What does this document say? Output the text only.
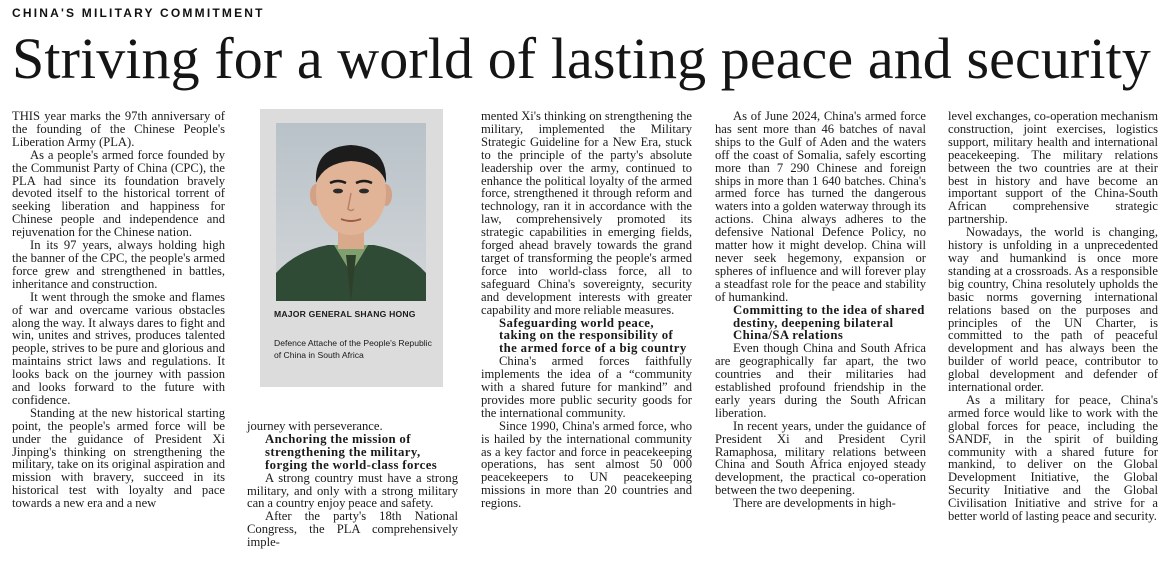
CHINA'S MILITARY COMMITMENT
Striving for a world of lasting peace and security

THIS year marks the 97th anniversary of the founding of the Chinese People's Liberation Army (PLA).

As a people's armed force founded by the Communist Party of China (CPC), the PLA had since its foundation bravely devoted itself to the historical torrent of seeking liberation and happiness for Chinese people and independence and rejuvenation for the Chinese nation.

In its 97 years, always holding high the banner of the CPC, the people's armed force grew and strengthened in battles, inheritance and construction.

It went through the smoke and flames of war and overcame various obstacles along the way. It always dares to fight and win, unites and strives, produces talented people, strives to be pure and glorious and maintains strict laws and regulations. It looks back on the journey with passion and looks forward to the future with confidence.

Standing at the new historical starting point, the people's armed force will be under the guidance of President Xi Jinping's thinking on strengthening the military, take on its original aspiration and mission with bravery, succeed in its historical test with loyalty and pace towards a new era and a new

MAJOR GENERAL SHANG HONG
Defence Attache of the People's Republic of China in South Africa

journey with perseverance.

Anchoring the mission of strengthening the military, forging the world-class forces

A strong country must have a strong military, and only with a strong military can a country enjoy peace and safety.

After the party's 18th National Congress, the PLA comprehensively imple-

mented Xi's thinking on strengthening the military, implemented the Military Strategic Guideline for a New Era, stuck to the principle of the party's absolute leadership over the army, continued to enhance the political loyalty of the armed force, strengthened it through reform and technology, ran it in accordance with the law, comprehensively promoted its strategic capabilities in emerging fields, forged ahead bravely towards the grand target of transforming the people's armed force into world-class force, all to safeguard China's sovereignty, security and development interests with greater capability and more reliable measures.

Safeguarding world peace, taking on the responsibility of the armed force of a big country

China's armed forces faithfully implements the idea of a “community with a shared future for mankind” and provides more public security goods for the international community.

Since 1990, China's armed force, who is hailed by the international community as a key factor and force in peacekeeping operations, has sent almost 50 000 peacekeepers to UN peacekeeping missions in more than 20 countries and regions.

As of June 2024, China's armed force has sent more than 46 batches of naval ships to the Gulf of Aden and the waters off the coast of Somalia, safely escorting more than 7 290 Chinese and foreign ships in more than 1 640 batches. China's armed force has turned the dangerous waters into a golden waterway through its actions. China always adheres to the defensive National Defence Policy, no matter how it might develop. China will never seek hegemony, expansion or spheres of influence and will forever play a steadfast role for the peace and stability of humankind.

Committing to the idea of shared destiny, deepening bilateral China/SA relations

Even though China and South Africa are geographically far apart, the two countries and their militaries had established profound friendship in the early years during the South African liberation.

In recent years, under the guidance of President Xi and President Cyril Ramaphosa, military relations between China and South Africa enjoyed steady development, the practical co-operation between the two deepening.

There are developments in high-

level exchanges, co-operation mechanism construction, joint exercises, logistics support, military health and international peacekeeping. The military relations between the two countries are at their best in history and have become an important support of the China-South African comprehensive strategic partnership.

Nowadays, the world is changing, history is unfolding in a unprecedented way and humankind is once more standing at a crossroads. As a responsible big country, China resolutely upholds the basic norms governing international relations based on the purposes and principles of the UN Charter, is committed to the path of peaceful development and has always been the builder of world peace, contributor to global development and defender of international order.

As a military for peace, China's armed force would like to work with the global forces for peace, including the SANDF, in the spirit of building community with a shared future for mankind, to deliver on the Global Development Initiative, the Global Security Initiative and the Global Civilisation Initiative and strive for a better world of lasting peace and security.
